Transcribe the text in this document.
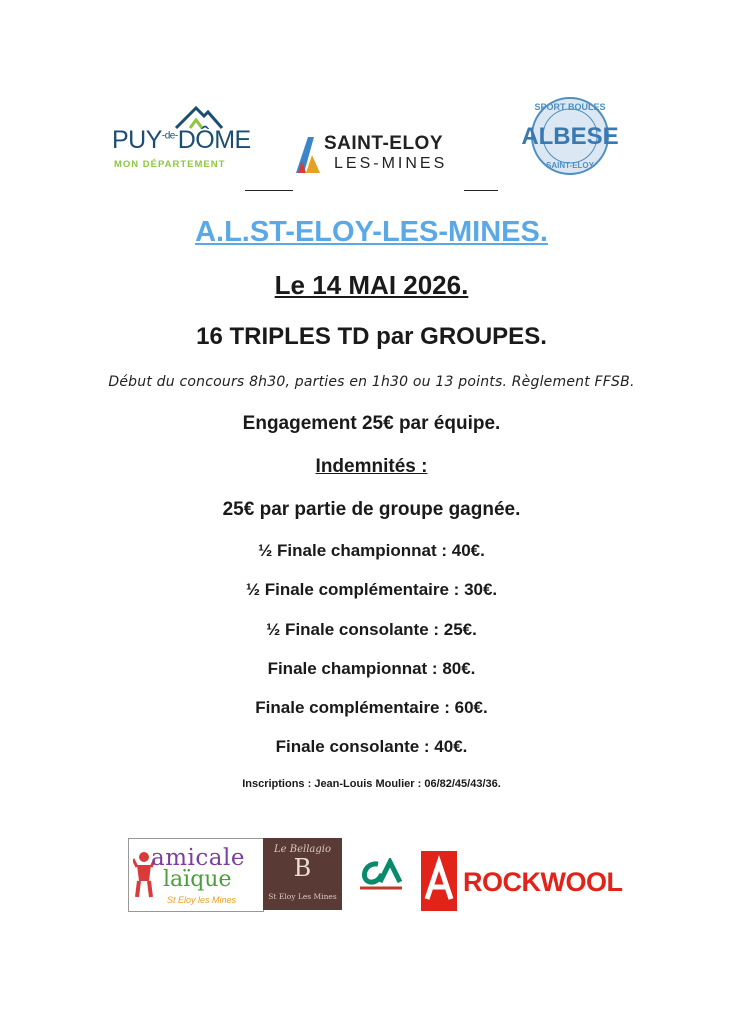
$PUY^{-de-}DÔME$
MON DÉPARTEMENT
SAINT-ELOY
LES-MINES
SPORT BOULES
ALBESE
SAINT-ELOY
A.L.ST-ELOY-LES-MINES.
Le 14 MAI 2026.
16 TRIPLES TD par GROUPES.
Début du concours 8h30, parties en 1h30 ou 13 points. Règlement FFSB.
Engagement 25€ par équipe.
Indemnités :
25€ par partie de groupe gagnée.
½ Finale championnat : 40€.
½ Finale complémentaire : 30€.
½ Finale consolante : 25€.
Finale championnat : 80€.
Finale complémentaire : 60€.
Finale consolante : 40€.
Inscriptions : Jean-Louis Moulier : 06/82/45/43/36.
amicale
laïque
St Eloy les Mines
Le Bellagio
B
St Eloy Les Mines	ROCKWOOL
